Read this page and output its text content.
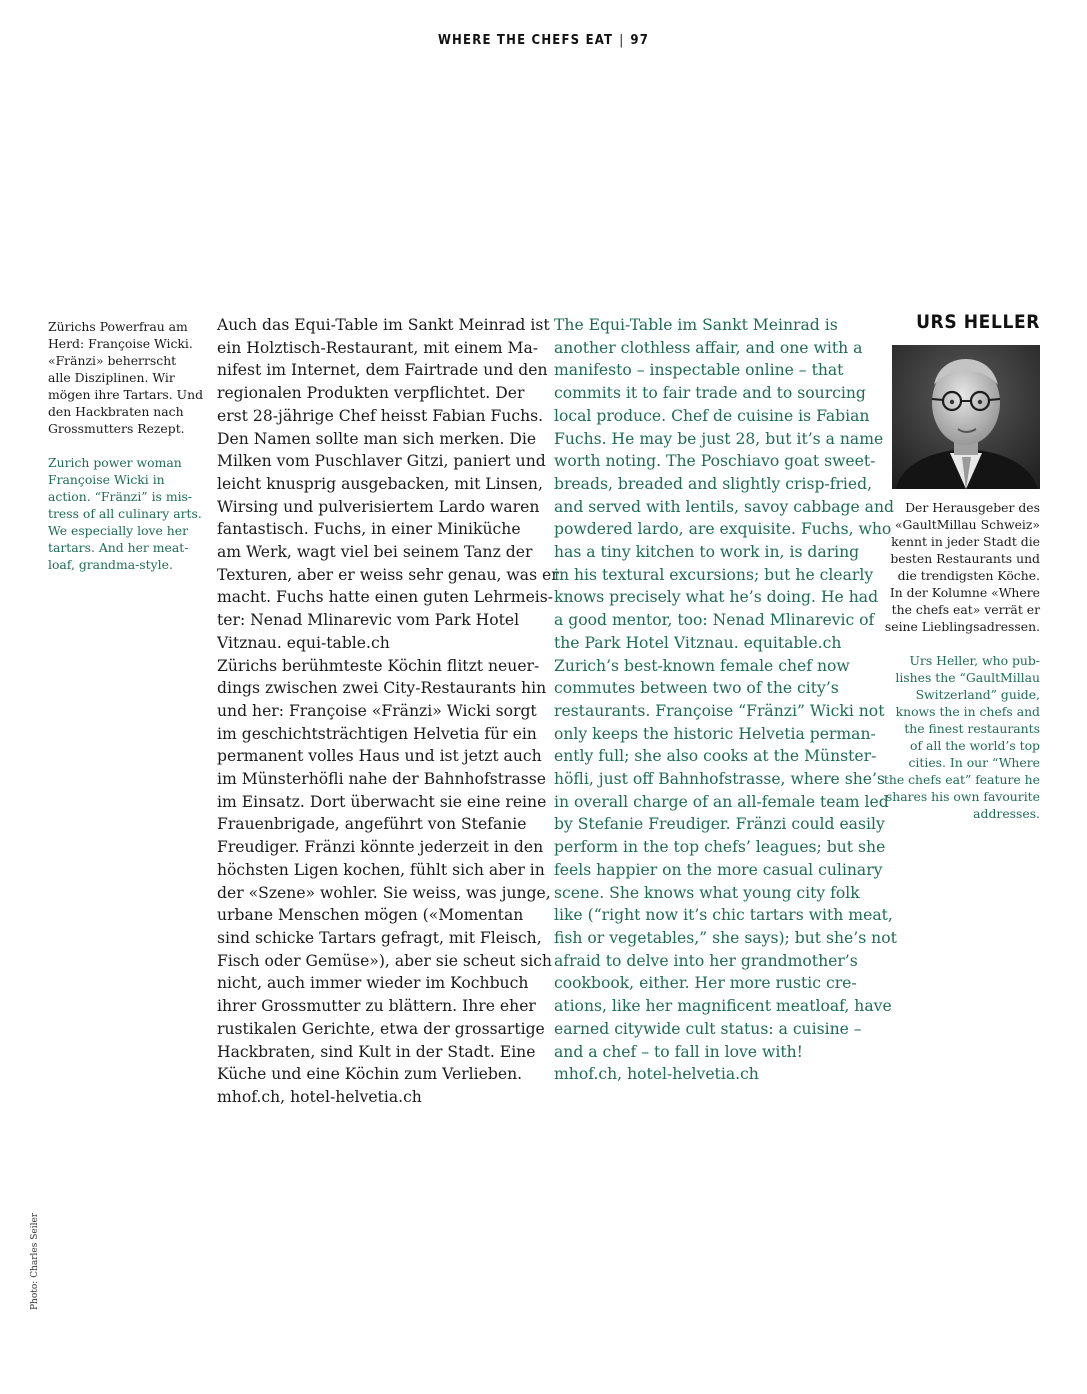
WHERE THE CHEFS EAT | 97
Zürichs Powerfrau am
Herd: Françoise Wicki.
«Fränzi» beherrscht
alle Disziplinen. Wir
mögen ihre Tartars. Und
den Hackbraten nach
Grossmutters Rezept.
Zurich power woman
Françoise Wicki in
action. “Fränzi” is mis-
tress of all culinary arts.
We especially love her
tartars. And her meat-
loaf, grandma-style.
Auch das Equi-Table im Sankt Meinrad ist
ein Holztisch-Restaurant, mit einem Ma-
nifest im Internet, dem Fairtrade und den
regionalen Produkten verpflichtet. Der
erst 28-jährige Chef heisst Fabian Fuchs.
Den Namen sollte man sich merken. Die
Milken vom Puschlaver Gitzi, paniert und
leicht knusprig ausgebacken, mit Linsen,
Wirsing und pulverisiertem Lardo waren
fantastisch. Fuchs, in einer Miniküche
am Werk, wagt viel bei seinem Tanz der
Texturen, aber er weiss sehr genau, was er
macht. Fuchs hatte einen guten Lehrmeis-
ter: Nenad Mlinarevic vom Park Hotel
Vitznau. equi-table.ch
Zürichs berühmteste Köchin flitzt neuer-
dings zwischen zwei City-Restaurants hin
und her: Françoise «Fränzi» Wicki sorgt
im geschichtsträchtigen Helvetia für ein
permanent volles Haus und ist jetzt auch
im Münsterhöfli nahe der Bahnhofstrasse
im Einsatz. Dort überwacht sie eine reine
Frauenbrigade, angeführt von Stefanie
Freudiger. Fränzi könnte jederzeit in den
höchsten Ligen kochen, fühlt sich aber in
der «Szene» wohler. Sie weiss, was junge,
urbane Menschen mögen («Momentan
sind schicke Tartars gefragt, mit Fleisch,
Fisch oder Gemüse»), aber sie scheut sich
nicht, auch immer wieder im Kochbuch
ihrer Grossmutter zu blättern. Ihre eher
rustikalen Gerichte, etwa der grossartige
Hackbraten, sind Kult in der Stadt. Eine
Küche und eine Köchin zum Verlieben.
mhof.ch, hotel-helvetia.ch
The Equi-Table im Sankt Meinrad is
another clothless affair, and one with a
manifesto – inspectable online – that
commits it to fair trade and to sourcing
local produce. Chef de cuisine is Fabian
Fuchs. He may be just 28, but it’s a name
worth noting. The Poschiavo goat sweet-
breads, breaded and slightly crisp-fried,
and served with lentils, savoy cabbage and
powdered lardo, are exquisite. Fuchs, who
has a tiny kitchen to work in, is daring
in his textural excursions; but he clearly
knows precisely what he’s doing. He had
a good mentor, too: Nenad Mlinarevic of
the Park Hotel Vitznau. equitable.ch
Zurich’s best-known female chef now
commutes between two of the city’s
restaurants. Françoise “Fränzi” Wicki not
only keeps the historic Helvetia perman-
ently full; she also cooks at the Münster-
höfli, just off Bahnhofstrasse, where she’s
in overall charge of an all-female team led
by Stefanie Freudiger. Fränzi could easily
perform in the top chefs’ leagues; but she
feels happier on the more casual culinary
scene. She knows what young city folk
like (“right now it’s chic tartars with meat,
fish or vegetables,” she says); but she’s not
afraid to delve into her grandmother’s
cookbook, either. Her more rustic cre-
ations, like her magnificent meatloaf, have
earned citywide cult status: a cuisine –
and a chef – to fall in love with!
mhof.ch, hotel-helvetia.ch
URS HELLER
Der Herausgeber des
«GaultMillau Schweiz»
kennt in jeder Stadt die
besten Restaurants und
die trendigsten Köche.
In der Kolumne «Where
the chefs eat» verrät er
seine Lieblingsadressen.
Urs Heller, who pub-
lishes the “GaultMillau
Switzerland” guide,
knows the in chefs and
the finest restaurants
of all the world’s top
cities. In our “Where
the chefs eat” feature he
shares his own favourite
addresses.
Photo: Charles Seiler
